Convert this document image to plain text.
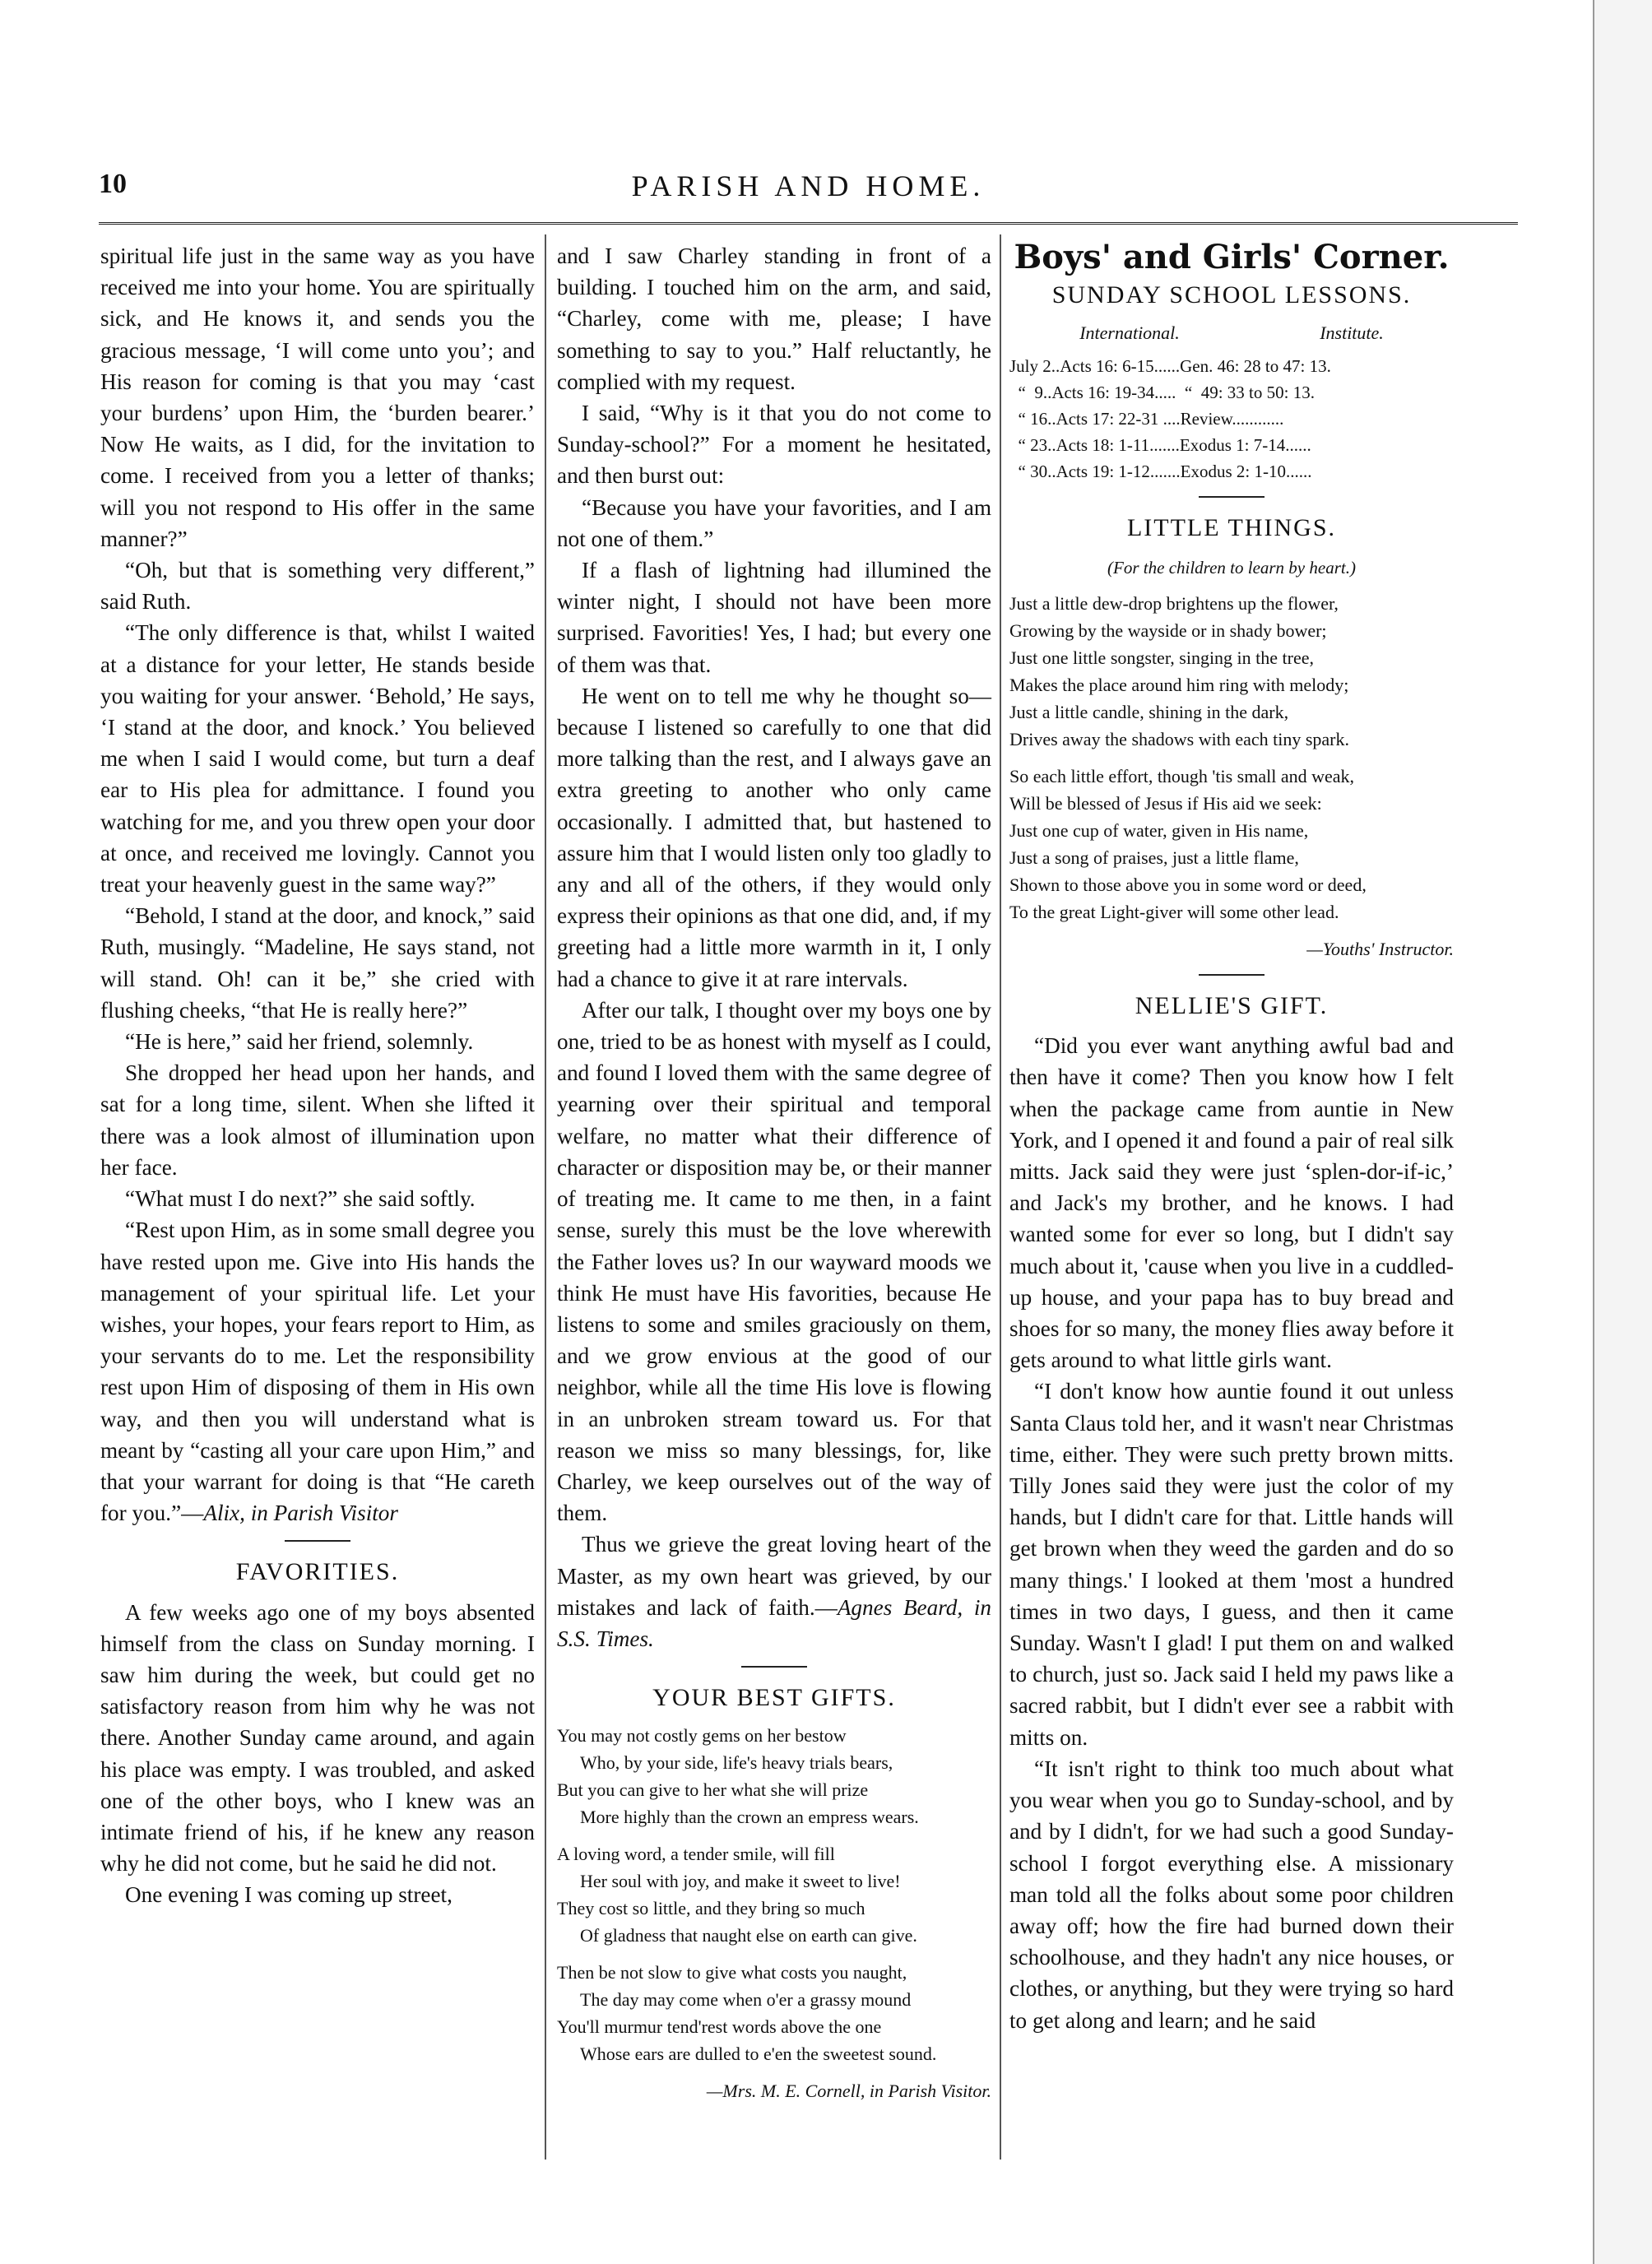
10	PARISH AND HOME.

spiritual life just in the same way as you have received me into your home. You are spiritually sick, and He knows it, and sends you the gracious message, ‘I will come unto you’; and His reason for coming is that you may ‘cast your burdens’ upon Him, the ‘burden bearer.’ Now He waits, as I did, for the invitation to come. I received from you a letter of thanks; will you not respond to His offer in the same manner?”

“Oh, but that is something very different,” said Ruth.

“The only difference is that, whilst I waited at a distance for your letter, He stands beside you waiting for your answer. ‘Behold,’ He says, ‘I stand at the door, and knock.’ You believed me when I said I would come, but turn a deaf ear to His plea for admittance. I found you watching for me, and you threw open your door at once, and received me lovingly. Cannot you treat your heavenly guest in the same way?”

“Behold, I stand at the door, and knock,” said Ruth, musingly. “Madeline, He says stand, not will stand. Oh! can it be,” she cried with flushing cheeks, “that He is really here?”

“He is here,” said her friend, solemnly.

She dropped her head upon her hands, and sat for a long time, silent. When she lifted it there was a look almost of illumination upon her face.

“What must I do next?” she said softly.

“Rest upon Him, as in some small degree you have rested upon me. Give into His hands the management of your spiritual life. Let your wishes, your hopes, your fears report to Him, as your servants do to me. Let the responsibility rest upon Him of disposing of them in His own way, and then you will understand what is meant by “casting all your care upon Him,” and that your warrant for doing is that “He careth for you.”—Alix, in Parish Visitor

FAVORITIES.

A few weeks ago one of my boys absented himself from the class on Sunday morning. I saw him during the week, but could get no satisfactory reason from him why he was not there. Another Sunday came around, and again his place was empty. I was troubled, and asked one of the other boys, who I knew was an intimate friend of his, if he knew any reason why he did not come, but he said he did not.

One evening I was coming up street,

and I saw Charley standing in front of a building. I touched him on the arm, and said, “Charley, come with me, please; I have something to say to you.” Half reluctantly, he complied with my request.

I said, “Why is it that you do not come to Sunday-school?” For a moment he hesitated, and then burst out:

“Because you have your favorities, and I am not one of them.”

If a flash of lightning had illumined the winter night, I should not have been more surprised. Favorities! Yes, I had; but every one of them was that.

He went on to tell me why he thought so—because I listened so carefully to one that did more talking than the rest, and I always gave an extra greeting to another who only came occasionally. I admitted that, but hastened to assure him that I would listen only too gladly to any and all of the others, if they would only express their opinions as that one did, and, if my greeting had a little more warmth in it, I only had a chance to give it at rare intervals.

After our talk, I thought over my boys one by one, tried to be as honest with myself as I could, and found I loved them with the same degree of yearning over their spiritual and temporal welfare, no matter what their difference of character or disposition may be, or their manner of treating me. It came to me then, in a faint sense, surely this must be the love wherewith the Father loves us? In our wayward moods we think He must have His favorities, because He listens to some and smiles graciously on them, and we grow envious at the good of our neighbor, while all the time His love is flowing in an unbroken stream toward us. For that reason we miss so many blessings, for, like Charley, we keep ourselves out of the way of them.

Thus we grieve the great loving heart of the Master, as my own heart was grieved, by our mistakes and lack of faith.—Agnes Beard, in S.S. Times.

YOUR BEST GIFTS.
You may not costly gems on her bestow
Who, by your side, life's heavy trials bears,
But you can give to her what she will prize
More highly than the crown an empress wears.
A loving word, a tender smile, will fill
Her soul with joy, and make it sweet to live!
They cost so little, and they bring so much
Of gladness that naught else on earth can give.
Then be not slow to give what costs you naught,
The day may come when o'er a grassy mound
You'll murmur tend'rest words above the one
Whose ears are dulled to e'en the sweetest sound.
—Mrs. M. E. Cornell, in Parish Visitor.
Boys' and Girls' Corner.
SUNDAY SCHOOL LESSONS.
International.	Institute.
July 2..Acts 16: 6-15......Gen. 46: 28 to 47: 13.
“  9..Acts 16: 19-34.....  “  49: 33 to 50: 13.
“ 16..Acts 17: 22-31 ....Review............
“ 23..Acts 18: 1-11.......Exodus 1: 7-14......
“ 30..Acts 19: 1-12.......Exodus 2: 1-10......
LITTLE THINGS.
(For the children to learn by heart.)
Just a little dew-drop brightens up the flower,
Growing by the wayside or in shady bower;
Just one little songster, singing in the tree,
Makes the place around him ring with melody;
Just a little candle, shining in the dark,
Drives away the shadows with each tiny spark.
So each little effort, though 'tis small and weak,
Will be blessed of Jesus if His aid we seek:
Just one cup of water, given in His name,
Just a song of praises, just a little flame,
Shown to those above you in some word or deed,
To the great Light-giver will some other lead.
—Youths' Instructor.
NELLIE'S GIFT.

“Did you ever want anything awful bad and then have it come? Then you know how I felt when the package came from auntie in New York, and I opened it and found a pair of real silk mitts. Jack said they were just ‘splen-dor-if-ic,’ and Jack's my brother, and he knows. I had wanted some for ever so long, but I didn't say much about it, 'cause when you live in a cuddled-up house, and your papa has to buy bread and shoes for so many, the money flies away before it gets around to what little girls want.

“I don't know how auntie found it out unless Santa Claus told her, and it wasn't near Christmas time, either. They were such pretty brown mitts. Tilly Jones said they were just the color of my hands, but I didn't care for that. Little hands will get brown when they weed the garden and do so many things.' I looked at them 'most a hundred times in two days, I guess, and then it came Sunday. Wasn't I glad! I put them on and walked to church, just so. Jack said I held my paws like a sacred rabbit, but I didn't ever see a rabbit with mitts on.

“It isn't right to think too much about what you wear when you go to Sunday-school, and by and by I didn't, for we had such a good Sunday-school I forgot everything else. A missionary man told all the folks about some poor children away off; how the fire had burned down their schoolhouse, and they hadn't any nice houses, or clothes, or anything, but they were trying so hard to get along and learn; and he said
